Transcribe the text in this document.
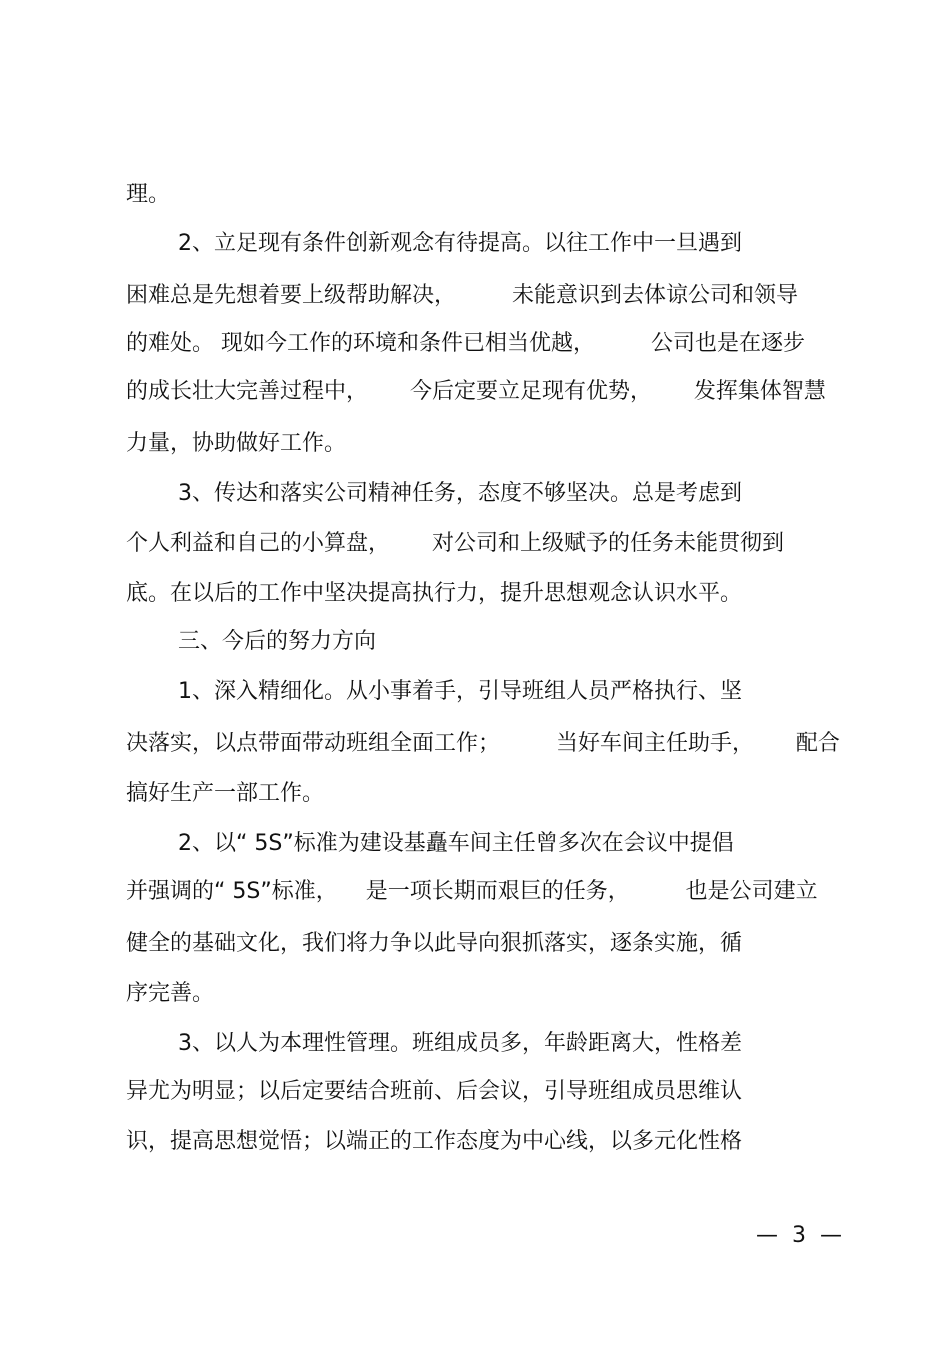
理。
2、立足现有条件创新观念有待提高。以往工作中一旦遇到
困难总是先想着要上级帮助解决，        未能意识到去体谅公司和领导
的难处。 现如今工作的环境和条件已相当优越，        公司也是在逐步
的成长壮大完善过程中，      今后定要立足现有优势，      发挥集体智慧
力量，协助做好工作。
3、传达和落实公司精神任务，态度不够坚决。总是考虑到
个人利益和自己的小算盘，      对公司和上级赋予的任务未能贯彻到
底。在以后的工作中坚决提高执行力，提升思想观念认识水平。
三、今后的努力方向
1、深入精细化。从小事着手，引导班组人员严格执行、坚
决落实，以点带面带动班组全面工作；        当好车间主任助手，      配合
搞好生产一部工作。
2、以“ 5S”标准为建设基矗车间主任曾多次在会议中提倡
并强调的“ 5S”标准，    是一项长期而艰巨的任务，        也是公司建立
健全的基础文化，我们将力争以此导向狠抓落实，逐条实施，循
序完善。
3、以人为本理性管理。班组成员多，年龄距离大，性格差
异尤为明显；以后定要结合班前、后会议，引导班组成员思维认
识，提高思想觉悟；以端正的工作态度为中心线，以多元化性格
—  3  —
